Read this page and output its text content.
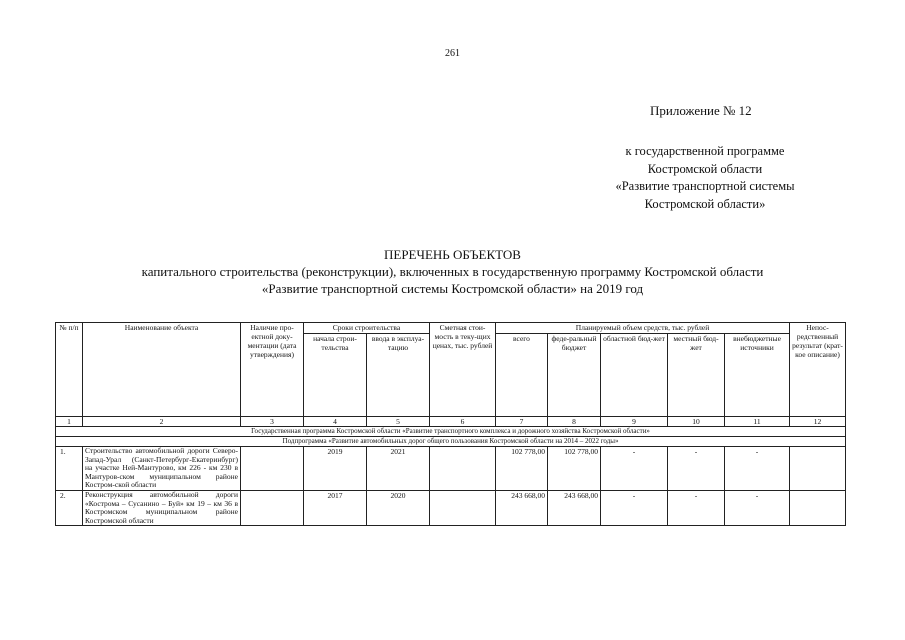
261
Приложение № 12
к государственной программе
Костромской области
«Развитие транспортной системы
Костромской области»
ПЕРЕЧЕНЬ ОБЪЕКТОВ
капитального строительства (реконструкции), включенных в государственную программу Костромской области
«Развитие транспортной системы Костромской области» на 2019 год
№ п/п	Наименование объекта	Наличие про-ектной доку-ментации (дата утверждения)	Сроки строительства		Сметная стои-мость в теку-щих ценах, тыс. рублей	Планируемый объем средств, тыс. рублей					Непос-редственный результат (крат-кое описание)
			начала строи-тельства	ввода в эксплуа-тацию		всего	феде-ральный бюджет	областной бюд-жет	местный бюд-жет	внебюджетные источники	
1	2	3	4	5	6	7	8	9	10	11	12
Государственная программа Костромской области «Развитие транспортного комплекса и дорожного хозяйства Костромской области»											
Подпрограмма «Развитие автомобильных дорог общего пользования Костромской области на 2014 – 2022 годы»											
1.	Строительство автомобильной дороги Северо-Запад-Урал (Санкт-Петербург-Екатеринбург) на участке Ней-Мантурово, км 226 - км 230 в Мантуров-ском муниципальном районе Костром-ской области		2019	2021		102 778,00	102 778,00	-	-	-	
2.	Реконструкция автомобильной дороги «Кострома – Сусанино – Буй» км 19 – км 36 в Костромском муниципальном районе Костромской области		2017	2020		243 668,00	243 668,00	-	-	-	
